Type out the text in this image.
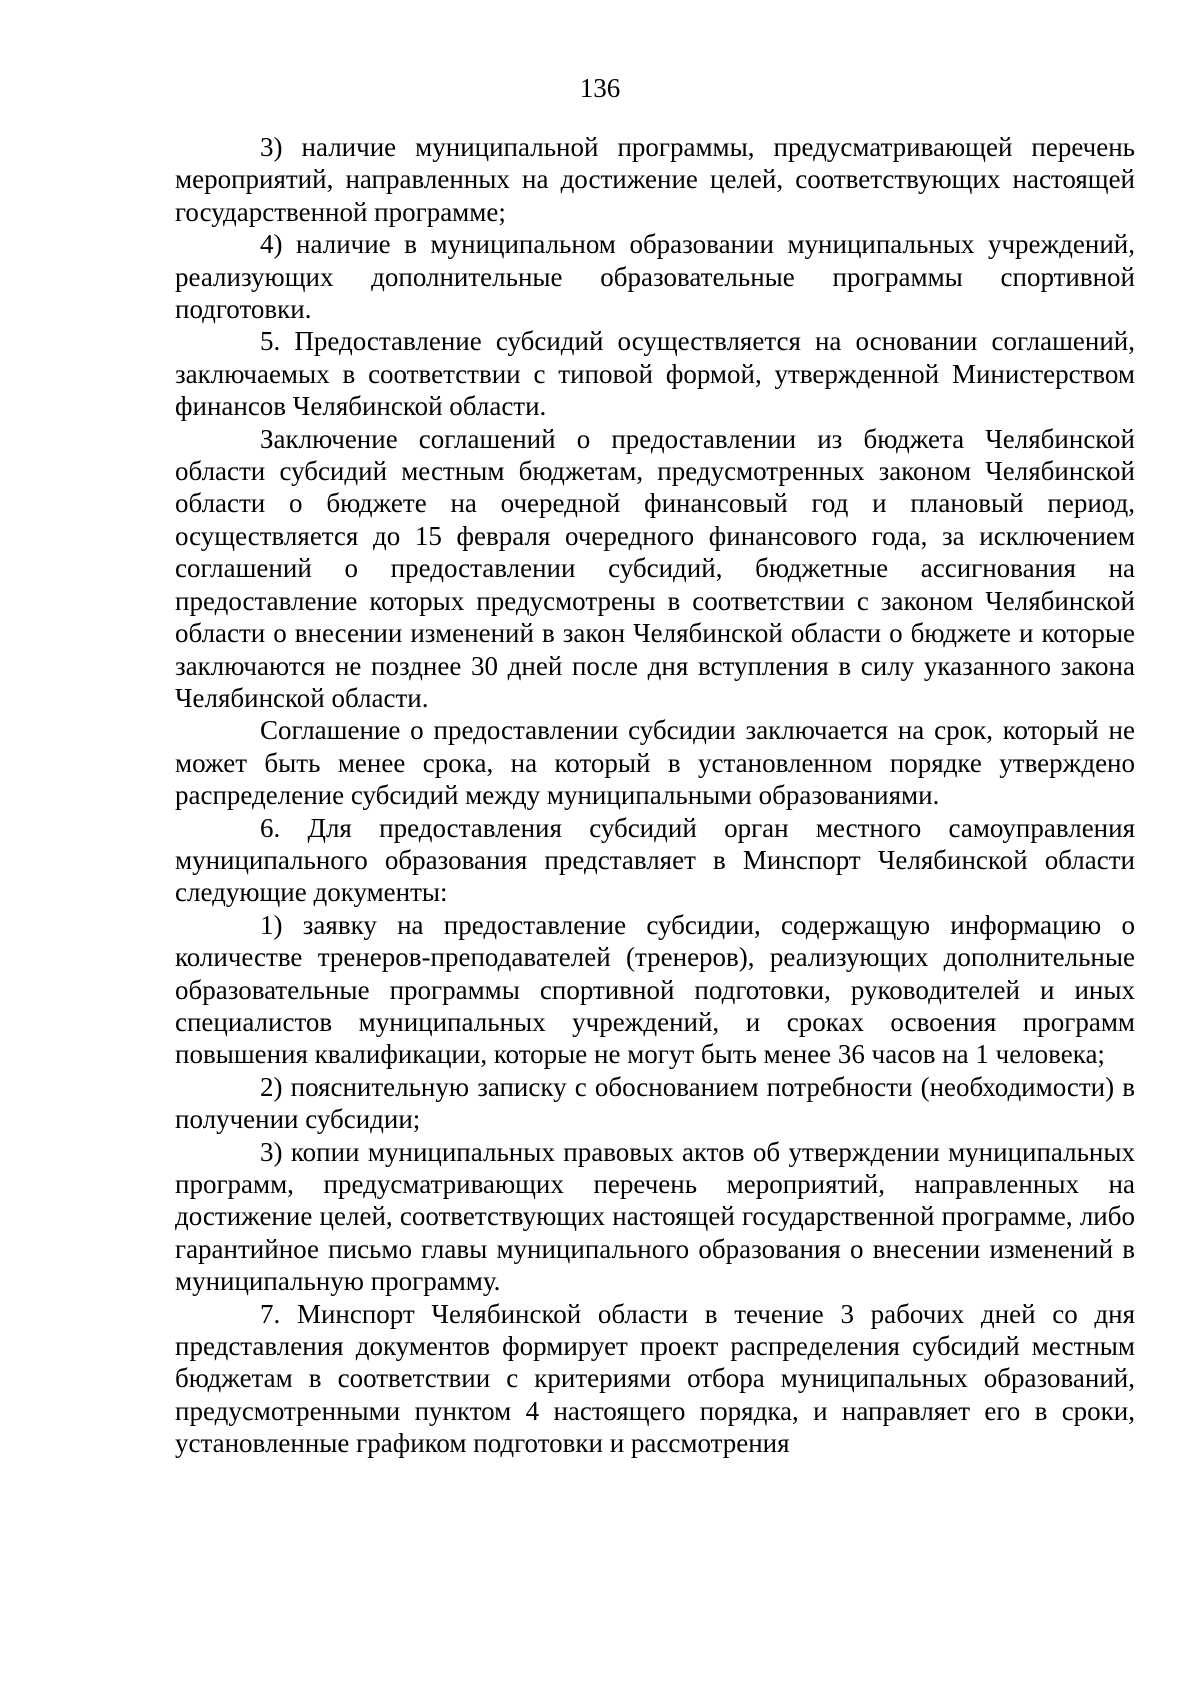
136

3) наличие муниципальной программы, предусматривающей перечень мероприятий, направленных на достижение целей, соответствующих настоящей государственной программе;

4) наличие в муниципальном образовании муниципальных учреждений, реализующих дополнительные образовательные программы спортивной подготовки.

5. Предоставление субсидий осуществляется на основании соглашений, заключаемых в соответствии с типовой формой, утвержденной Министерством финансов Челябинской области.

Заключение соглашений о предоставлении из бюджета Челябинской области субсидий местным бюджетам, предусмотренных законом Челябинской области о бюджете на очередной финансовый год и плановый период, осуществляется до 15 февраля очередного финансового года, за исключением соглашений о предоставлении субсидий, бюджетные ассигнования на предоставление которых предусмотрены в соответствии с законом Челябинской области о внесении изменений в закон Челябинской области о бюджете и которые заключаются не позднее 30 дней после дня вступления в силу указанного закона Челябинской области.

Соглашение о предоставлении субсидии заключается на срок, который не может быть менее срока, на который в установленном порядке утверждено распределение субсидий между муниципальными образованиями.

6. Для предоставления субсидий орган местного самоуправления муниципального образования представляет в Минспорт Челябинской области следующие документы:

1) заявку на предоставление субсидии, содержащую информацию о количестве тренеров-преподавателей (тренеров), реализующих дополнительные образовательные программы спортивной подготовки, руководителей и иных специалистов муниципальных учреждений, и сроках освоения программ повышения квалификации, которые не могут быть менее 36 часов на 1 человека;

2) пояснительную записку с обоснованием потребности (необходимости) в получении субсидии;

3) копии муниципальных правовых актов об утверждении муниципальных программ, предусматривающих перечень мероприятий, направленных на достижение целей, соответствующих настоящей государственной программе, либо гарантийное письмо главы муниципального образования о внесении изменений в муниципальную программу.

7. Минспорт Челябинской области в течение 3 рабочих дней со дня представления документов формирует проект распределения субсидий местным бюджетам в соответствии с критериями отбора муниципальных образований, предусмотренными пунктом 4 настоящего порядка, и направляет его в сроки, установленные графиком подготовки и рассмотрения
